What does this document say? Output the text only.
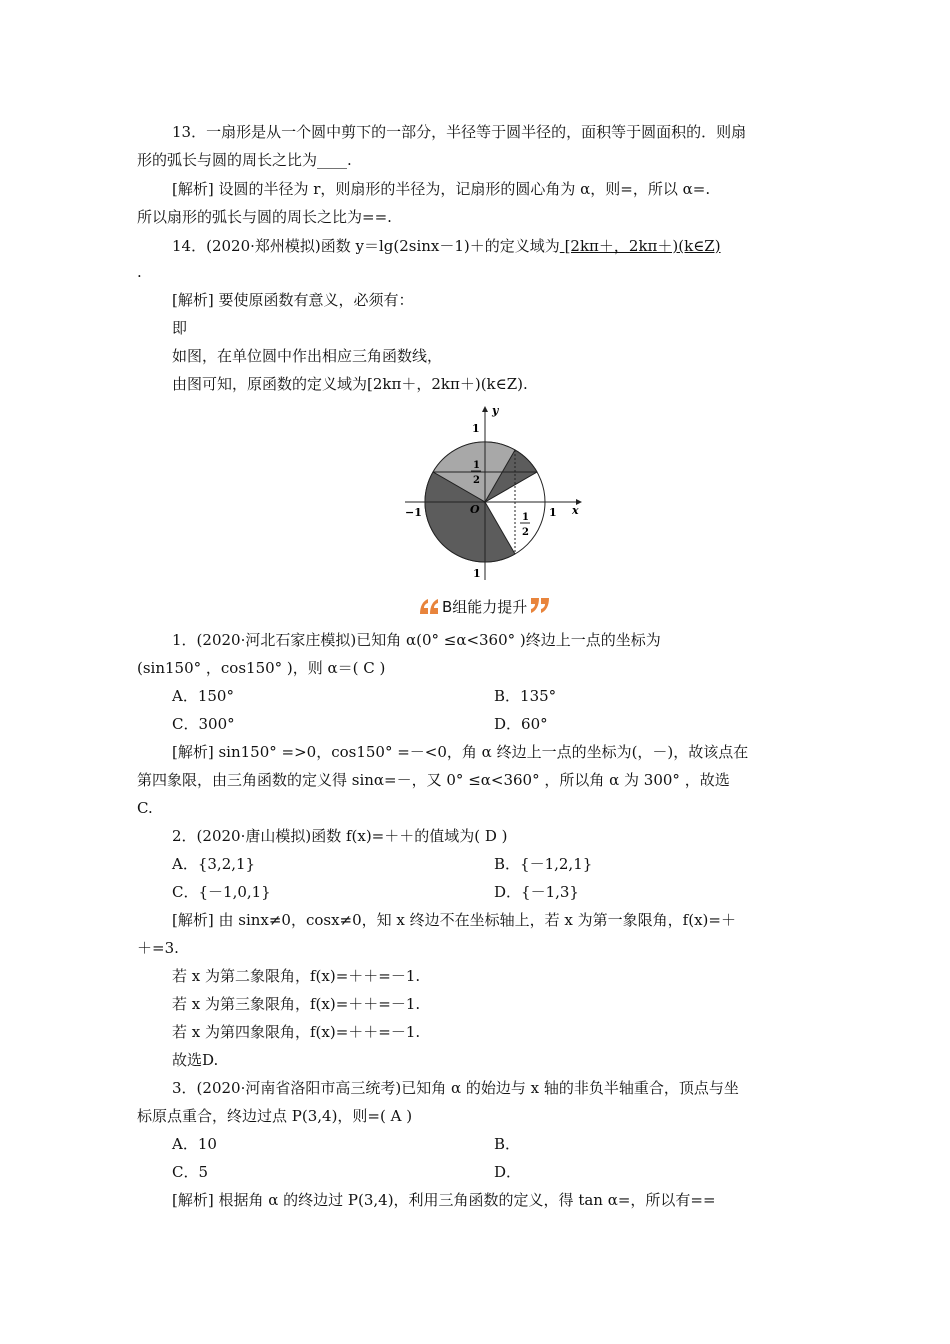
13．一扇形是从一个圆中剪下的一部分，半径等于圆半径的，面积等于圆面积的．则扇
形的弧长与圆的周长之比为____.
[解析] 设圆的半径为 r，则扇形的半径为，记扇形的圆心角为 α，则=，所以 α=.
所以扇形的弧长与圆的周长之比为==.
14．(2020·郑州模拟)函数 y＝lg(2sinx－1)＋的定义域为 [2kπ＋，2kπ＋)(k∈Z)
.
[解析] 要使原函数有意义，必须有：
即
如图，在单位圆中作出相应三角函数线，
由图可知，原函数的定义域为[2kπ＋，2kπ＋)(k∈Z).
y
x
O
1
1
1
−1
1
2
1
2
B组能力提升
1．(2020·河北石家庄模拟)已知角 α(0° ≤α<360° )终边上一点的坐标为
(sin150° ，cos150° )，则 α＝( C )
A．150°	B．135°
C．300°	D．60°
[解析] sin150° =>0，cos150° =－<0，角 α 终边上一点的坐标为(，－)，故该点在
第四象限，由三角函数的定义得 sinα=－，又 0° ≤α<360° ，所以角 α 为 300° ，故选
C.
2．(2020·唐山模拟)函数 f(x)=＋＋的值域为( D )
A．{3,2,1}	B．{－1,2,1}
C．{－1,0,1}	D．{－1,3}
[解析] 由 sinx≠0，cosx≠0，知 x 终边不在坐标轴上，若 x 为第一象限角，f(x)=＋
＋=3.
若 x 为第二象限角，f(x)=＋＋=－1.
若 x 为第三象限角，f(x)=＋＋=－1.
若 x 为第四象限角，f(x)=＋＋=－1.
故选D.
3．(2020·河南省洛阳市高三统考)已知角 α 的始边与 x 轴的非负半轴重合，顶点与坐
标原点重合，终边过点 P(3,4)，则=( A )
A．10	B．
C．5	D．
[解析] 根据角 α 的终边过 P(3,4)，利用三角函数的定义，得 tan α=，所以有==
